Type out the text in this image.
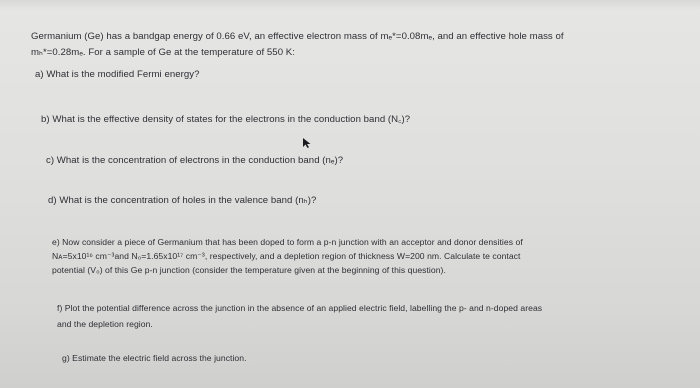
Germanium (Ge) has a bandgap energy of 0.66 eV, an effective electron mass of mₑ*=0.08mₑ, and an effective hole mass of
mₕ*=0.28mₑ. For a sample of Ge at the temperature of 550 K:
a) What is the modified Fermi energy?
b) What is the effective density of states for the electrons in the conduction band (N꜀)?
c) What is the concentration of electrons in the conduction band (nₑ)?
d) What is the concentration of holes in the valence band (nₕ)?
e) Now consider a piece of Germanium that has been doped to form a p-n junction with an acceptor and donor densities of
Nᴀ=5x10¹⁶ cm⁻³and N₀=1.65x10¹⁷ cm⁻³, respectively, and a depletion region of thickness W=200 nm. Calculate te contact
potential (V₀) of this Ge p-n junction (consider the temperature given at the beginning of this question).
f) Plot the potential difference across the junction in the absence of an applied electric field, labelling the p- and n-doped areas
and the depletion region.
g) Estimate the electric field across the junction.
